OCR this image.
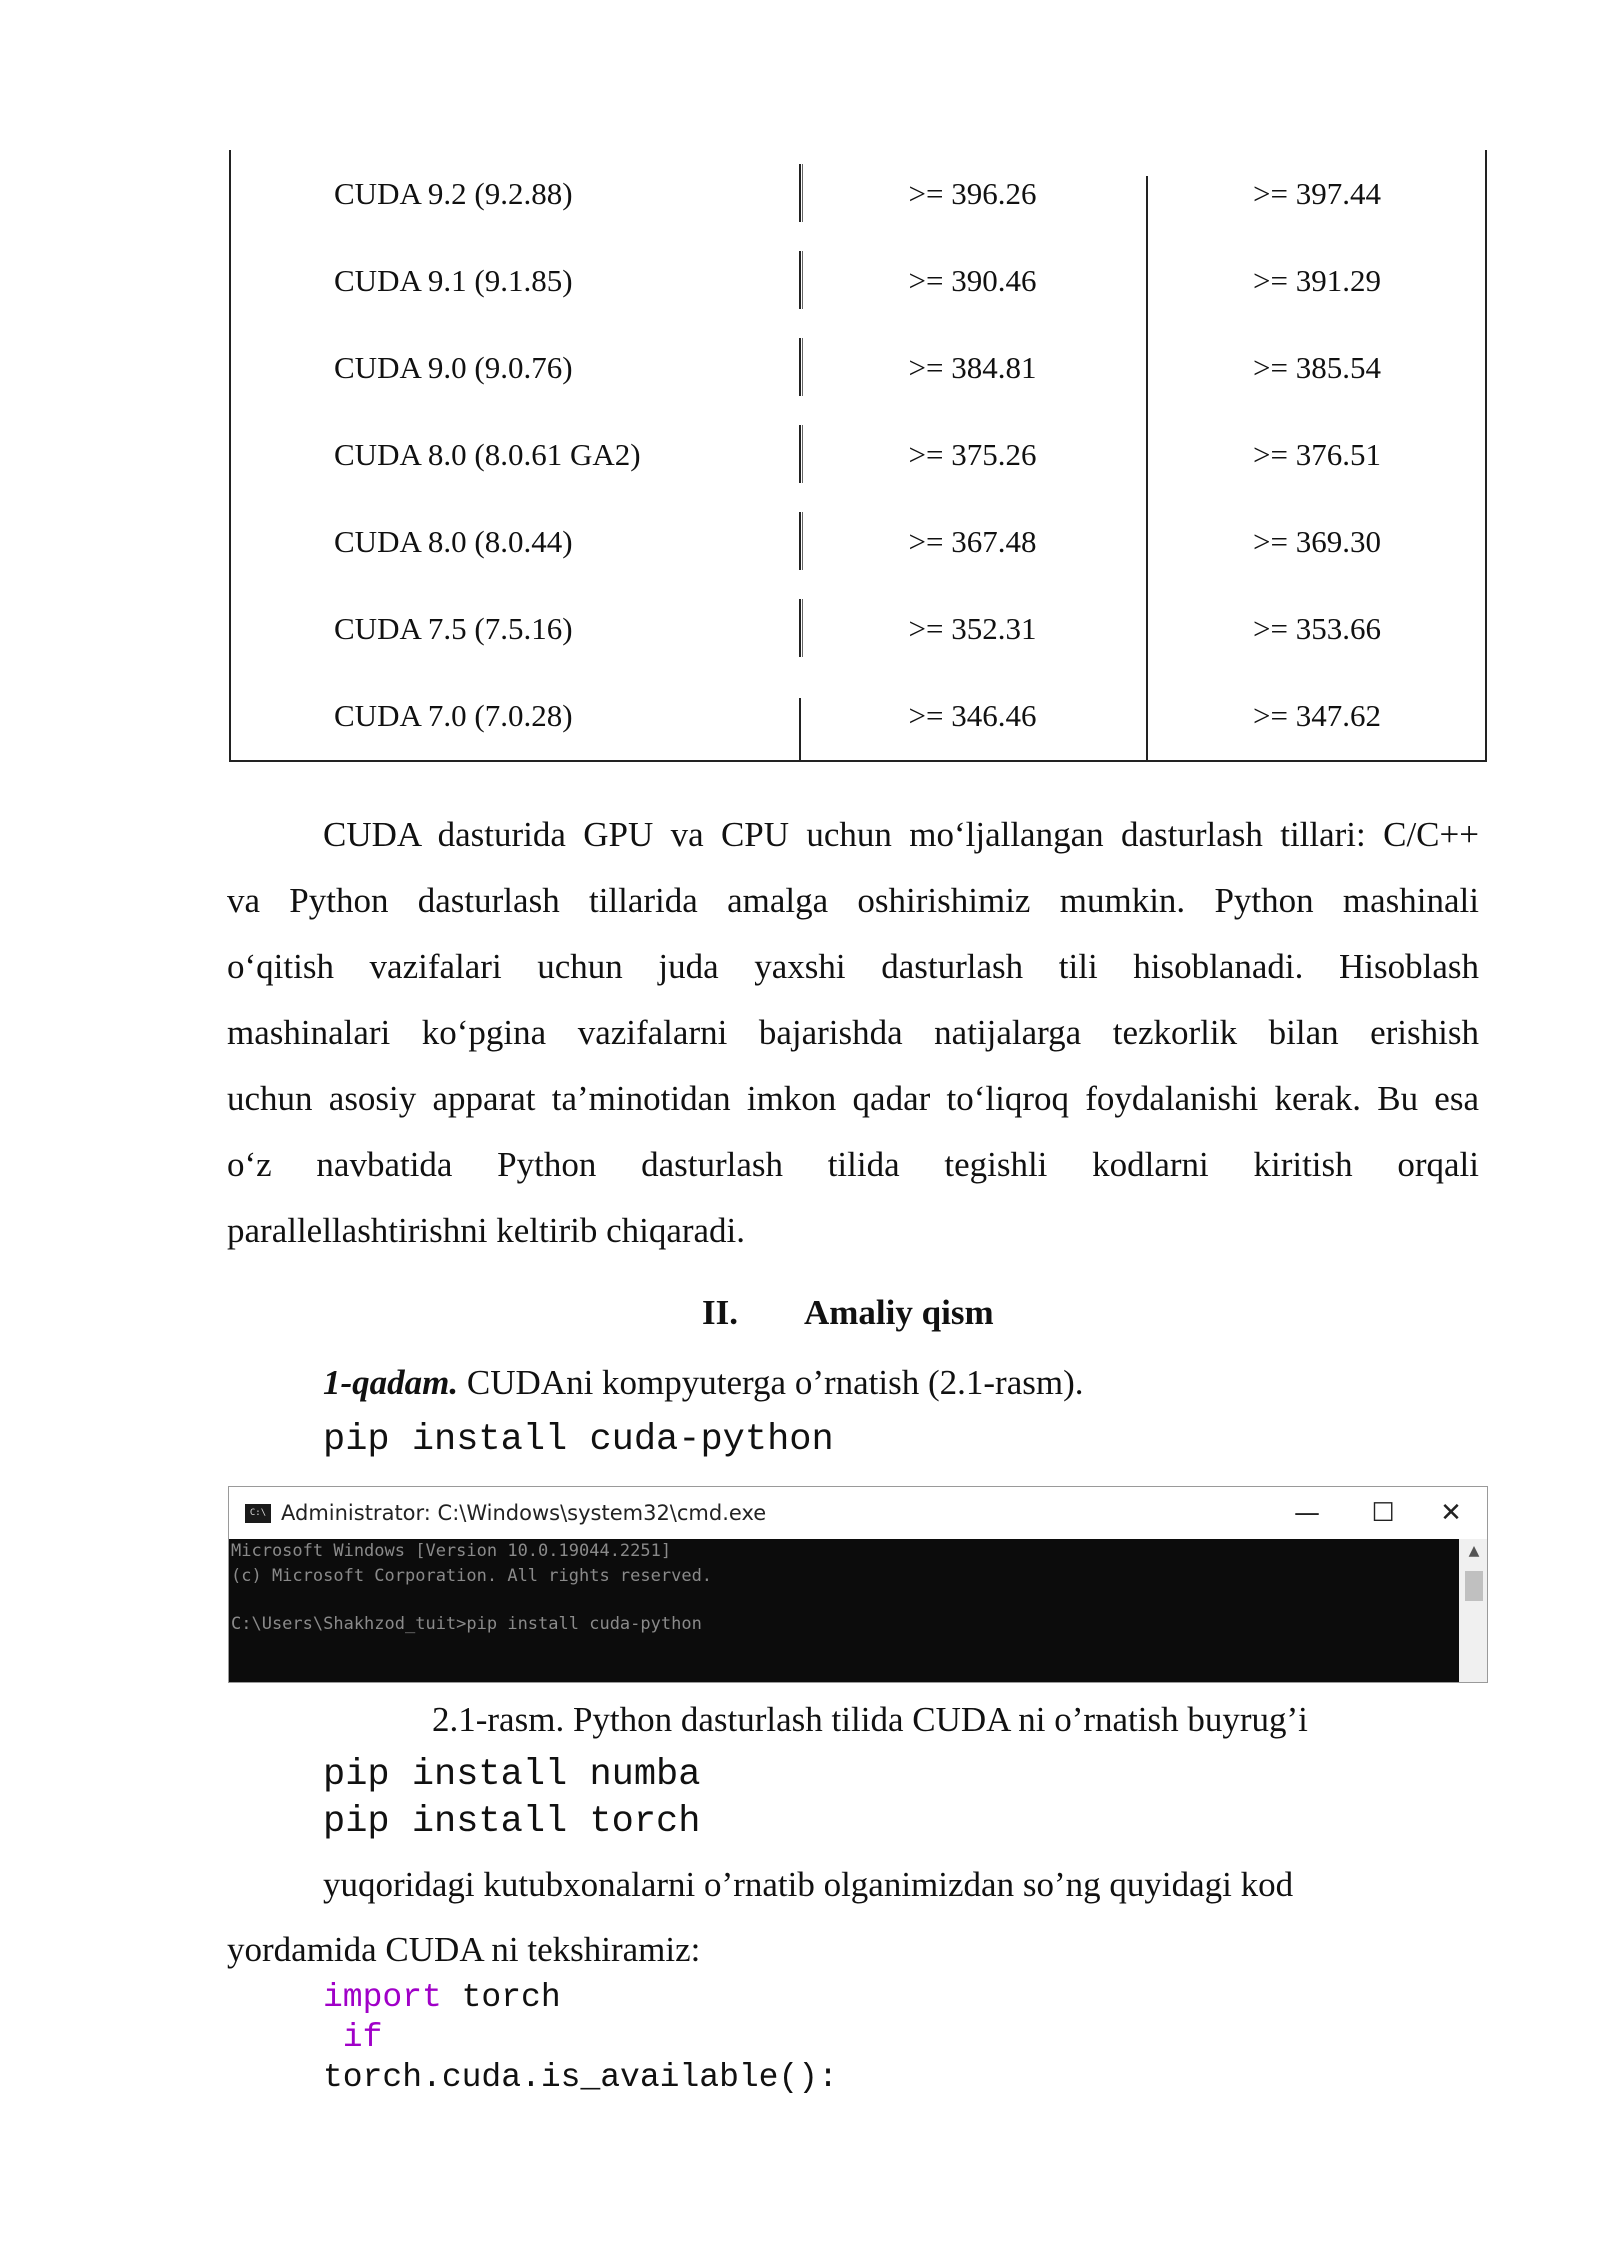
CUDA 9.2 (9.2.88)	>= 396.26	>= 397.44
CUDA 9.1 (9.1.85)	>= 390.46	>= 391.29
CUDA 9.0 (9.0.76)	>= 384.81	>= 385.54
CUDA 8.0 (8.0.61 GA2)	>= 375.26	>= 376.51
CUDA 8.0 (8.0.44)	>= 367.48	>= 369.30
CUDA 7.5 (7.5.16)	>= 352.31	>= 353.66
CUDA 7.0 (7.0.28)	>= 346.46	>= 347.62
CUDA dasturida GPU va CPU uchun mo‘ljallangan dasturlash tillari: C/C++
va Python dasturlash tillarida amalga oshirishimiz mumkin. Python mashinali
o‘qitish vazifalari uchun juda yaxshi dasturlash tili hisoblanadi. Hisoblash
mashinalari ko‘pgina vazifalarni bajarishda natijalarga tezkorlik bilan erishish
uchun asosiy apparat ta’minotidan imkon qadar to‘liqroq foydalanishi kerak. Bu esa
o‘z navbatida Python dasturlash tilida tegishli kodlarni kiritish orqali
parallellashtirishni keltirib chiqaradi.
II. Amaliy qism
1-qadam. CUDAni kompyuterga o’rnatish (2.1-rasm).
pip install cuda-python
C:\ Administrator: C:\Windows\system32\cmd.exe	—	☐	✕
Microsoft Windows [Version 10.0.19044.2251]
(c) Microsoft Corporation. All rights reserved.
C:\Users\Shakhzod_tuit>pip install cuda-python
▲
2.1-rasm. Python dasturlash tilida CUDA ni o’rnatish buyrug’i
pip install numba
pip install torch
yuqoridagi kutubxonalarni o’rnatib olganimizdan so’ng quyidagi kod
yordamida CUDA ni tekshiramiz:
import torch
if
torch.cuda.is_available():
